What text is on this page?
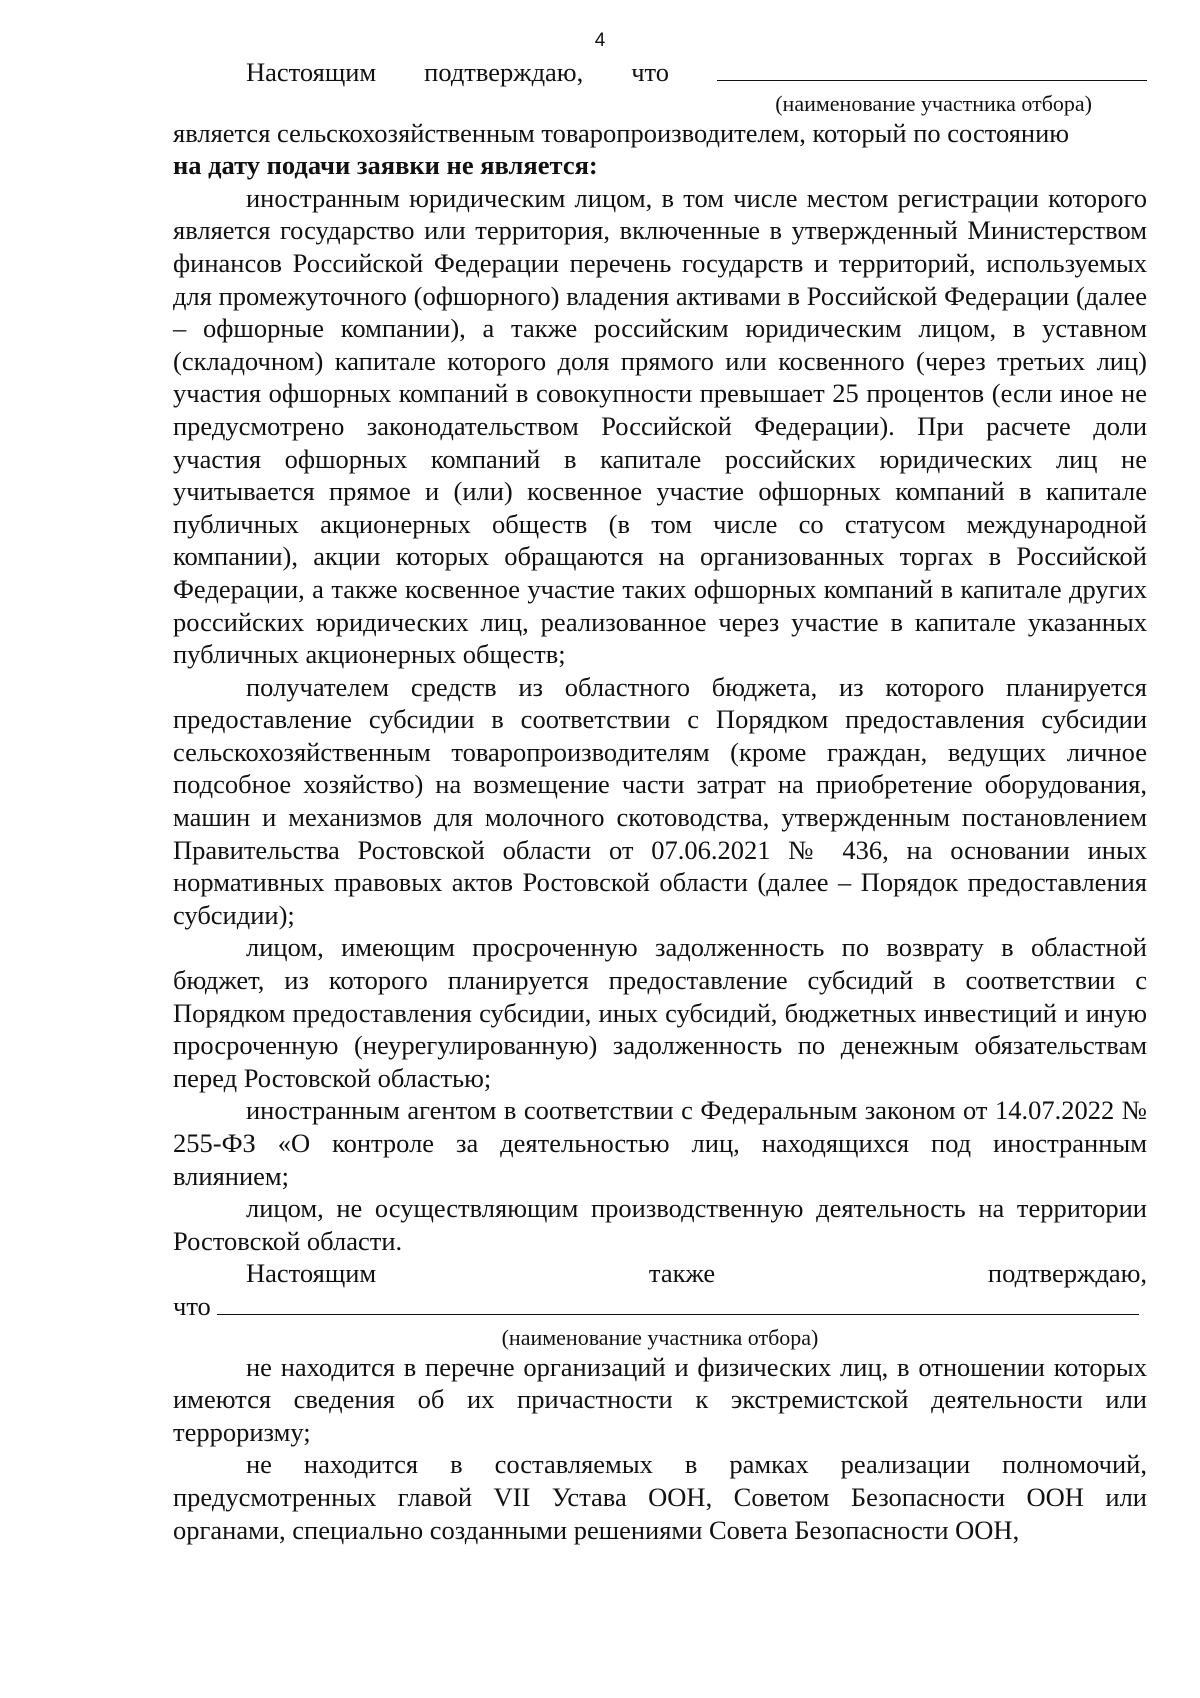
4
Настоящим подтверждаю, что
(наименование участника отбора)

является сельскохозяйственным товаропроизводителем, который по состоянию

на дату подачи заявки не является:

иностранным юридическим лицом, в том числе местом регистрации которого является государство или территория, включенные в утвержденный Министерством финансов Российской Федерации перечень государств и территорий, используемых для промежуточного (офшорного) владения активами в Российской Федерации (далее – офшорные компании), а также российским юридическим лицом, в уставном (складочном) капитале которого доля прямого или косвенного (через третьих лиц) участия офшорных компаний в совокупности превышает 25 процентов (если иное не предусмотрено законодательством Российской Федерации). При расчете доли участия офшорных компаний в капитале российских юридических лиц не учитывается прямое и (или) косвенное участие офшорных компаний в капитале публичных акционерных обществ (в том числе со статусом международной компании), акции которых обращаются на организованных торгах в Российской Федерации, а также косвенное участие таких офшорных компаний в капитале других российских юридических лиц, реализованное через участие в капитале указанных публичных акционерных обществ;

получателем средств из областного бюджета, из которого планируется предоставление субсидии в соответствии с Порядком предоставления субсидии сельскохозяйственным товаропроизводителям (кроме граждан, ведущих личное подсобное хозяйство) на возмещение части затрат на приобретение оборудования, машин и механизмов для молочного скотоводства, утвержденным постановлением Правительства Ростовской области от 07.06.2021 № 436, на основании иных нормативных правовых актов Ростовской области (далее – Порядок предоставления субсидии);

лицом, имеющим просроченную задолженность по возврату в областной бюджет, из которого планируется предоставление субсидий в соответствии с Порядком предоставления субсидии, иных субсидий, бюджетных инвестиций и иную просроченную (неурегулированную) задолженность по денежным обязательствам перед Ростовской областью;

иностранным агентом в соответствии с Федеральным законом от 14.07.2022 № 255-ФЗ «О контроле за деятельностью лиц, находящихся под иностранным влиянием;

лицом, не осуществляющим производственную деятельность на территории Ростовской области.

Настоящим	также	подтверждаю,
что
(наименование участника отбора)

не находится в перечне организаций и физических лиц, в отношении которых имеются сведения об их причастности к экстремистской деятельности или терроризму;

не находится в составляемых в рамках реализации полномочий, предусмотренных главой VII Устава ООН, Советом Безопасности ООН или органами, специально созданными решениями Совета Безопасности ООН,
